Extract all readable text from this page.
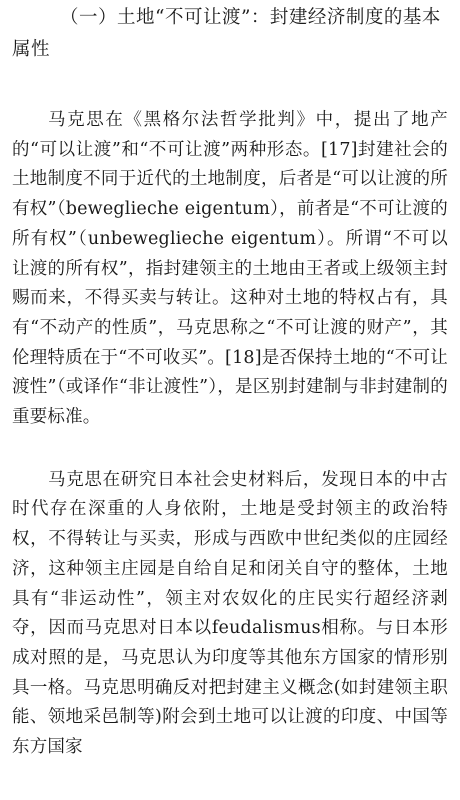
（一）土地“不可让渡”：封建经济制度的基本属性

马克思在《黑格尔法哲学批判》中，提出了地产的“可以让渡”和“不可让渡”两种形态。[17]封建社会的土地制度不同于近代的土地制度，后者是“可以让渡的所有权”（beweglieche eigentum），前者是“不可让渡的所有权”（unbeweglieche eigentum）。所谓“不可以让渡的所有权”，指封建领主的土地由王者或上级领主封赐而来，不得买卖与转让。这种对土地的特权占有，具有“不动产的性质”，马克思称之“不可让渡的财产”，其伦理特质在于“不可收买”。[18]是否保持土地的“不可让渡性”（或译作“非让渡性”），是区别封建制与非封建制的重要标准。

马克思在研究日本社会史材料后，发现日本的中古时代存在深重的人身依附，土地是受封领主的政治特权，不得转让与买卖，形成与西欧中世纪类似的庄园经济，这种领主庄园是自给自足和闭关自守的整体，土地具有“非运动性”，领主对农奴化的庄民实行超经济剥夺，因而马克思对日本以feudalismus相称。与日本形成对照的是，马克思认为印度等其他东方国家的情形别具一格。马克思明确反对把封建主义概念(如封建领主职能、领地采邑制等)附会到土地可以让渡的印度、中国等东方国家
